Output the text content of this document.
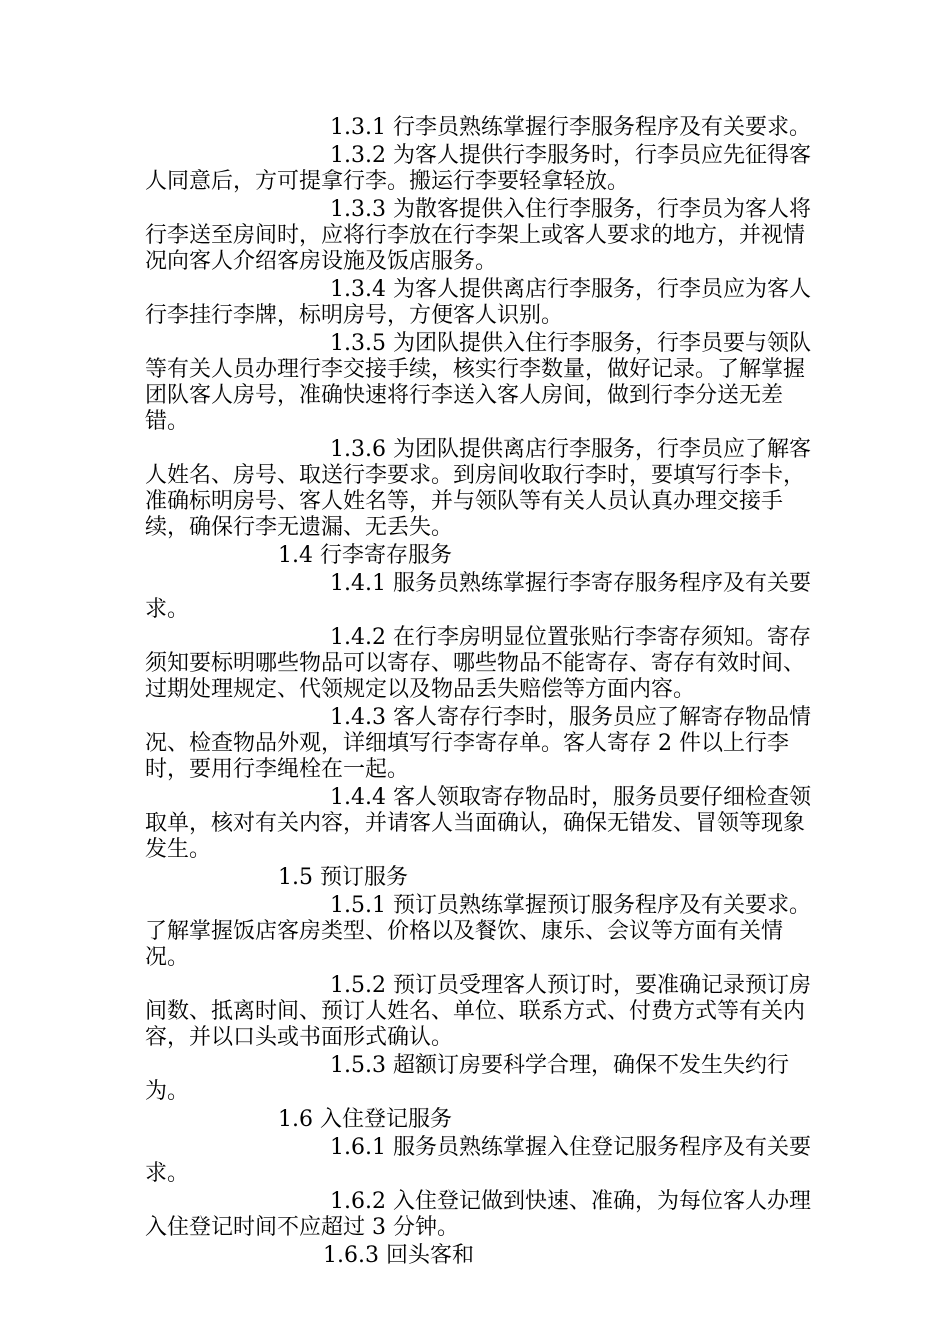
1.3.1 行李员熟练掌握行李服务程序及有关要求。

1.3.2 为客人提供行李服务时，行李员应先征得客人同意后，方可提拿行李。搬运行李要轻拿轻放。

1.3.3 为散客提供入住行李服务，行李员为客人将行李送至房间时，应将行李放在行李架上或客人要求的地方，并视情况向客人介绍客房设施及饭店服务。

1.3.4 为客人提供离店行李服务，行李员应为客人行李挂行李牌，标明房号，方便客人识别。

1.3.5 为团队提供入住行李服务，行李员要与领队等有关人员办理行李交接手续，核实行李数量，做好记录。了解掌握团队客人房号，准确快速将行李送入客人房间，做到行李分送无差错。

1.3.6 为团队提供离店行李服务，行李员应了解客人姓名、房号、取送行李要求。到房间收取行李时，要填写行李卡，准确标明房号、客人姓名等，并与领队等有关人员认真办理交接手续，确保行李无遗漏、无丢失。

1.4 行李寄存服务

1.4.1 服务员熟练掌握行李寄存服务程序及有关要求。

1.4.2 在行李房明显位置张贴行李寄存须知。寄存须知要标明哪些物品可以寄存、哪些物品不能寄存、寄存有效时间、过期处理规定、代领规定以及物品丢失赔偿等方面内容。

1.4.3 客人寄存行李时，服务员应了解寄存物品情况、检查物品外观，详细填写行李寄存单。客人寄存 2 件以上行李时，要用行李绳栓在一起。

1.4.4 客人领取寄存物品时，服务员要仔细检查领取单，核对有关内容，并请客人当面确认，确保无错发、冒领等现象发生。

1.5 预订服务

1.5.1 预订员熟练掌握预订服务程序及有关要求。了解掌握饭店客房类型、价格以及餐饮、康乐、会议等方面有关情况。

1.5.2 预订员受理客人预订时，要准确记录预订房间数、抵离时间、预订人姓名、单位、联系方式、付费方式等有关内容，并以口头或书面形式确认。

1.5.3 超额订房要科学合理，确保不发生失约行为。

1.6 入住登记服务

1.6.1 服务员熟练掌握入住登记服务程序及有关要求。

1.6.2 入住登记做到快速、准确，为每位客人办理入住登记时间不应超过 3 分钟。

1.6.3 回头客和
